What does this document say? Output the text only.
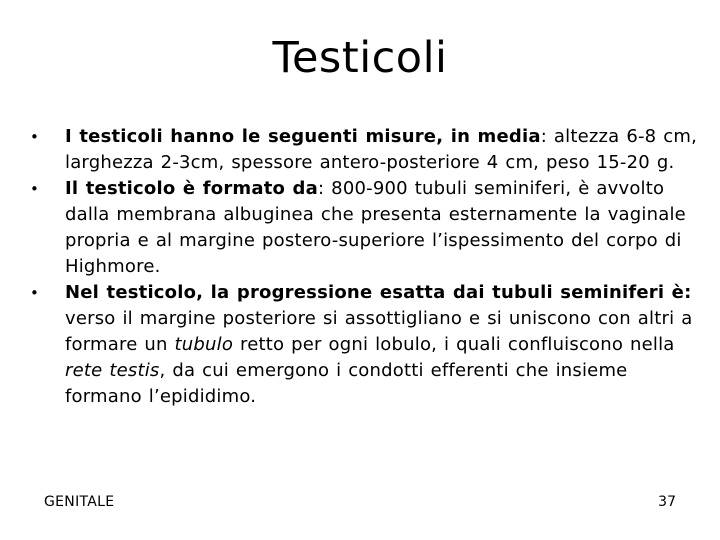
Testicoli
• I testicoli hanno le seguenti misure, in media: altezza 6-8 cm, larghezza 2-3cm, spessore antero-posteriore 4 cm, peso 15-20 g.
• Il testicolo è formato da: 800-900 tubuli seminiferi, è avvolto dalla membrana albuginea che presenta esternamente la vaginale propria e al margine postero-superiore l’ispessimento del corpo di Highmore.
• Nel testicolo, la progressione esatta dai tubuli seminiferi è: verso il margine posteriore si assottigliano e si uniscono con altri a formare un tubulo retto per ogni lobulo, i quali confluiscono nella rete testis, da cui emergono i condotti efferenti che insieme formano l’epididimo.
GENITALE	37
